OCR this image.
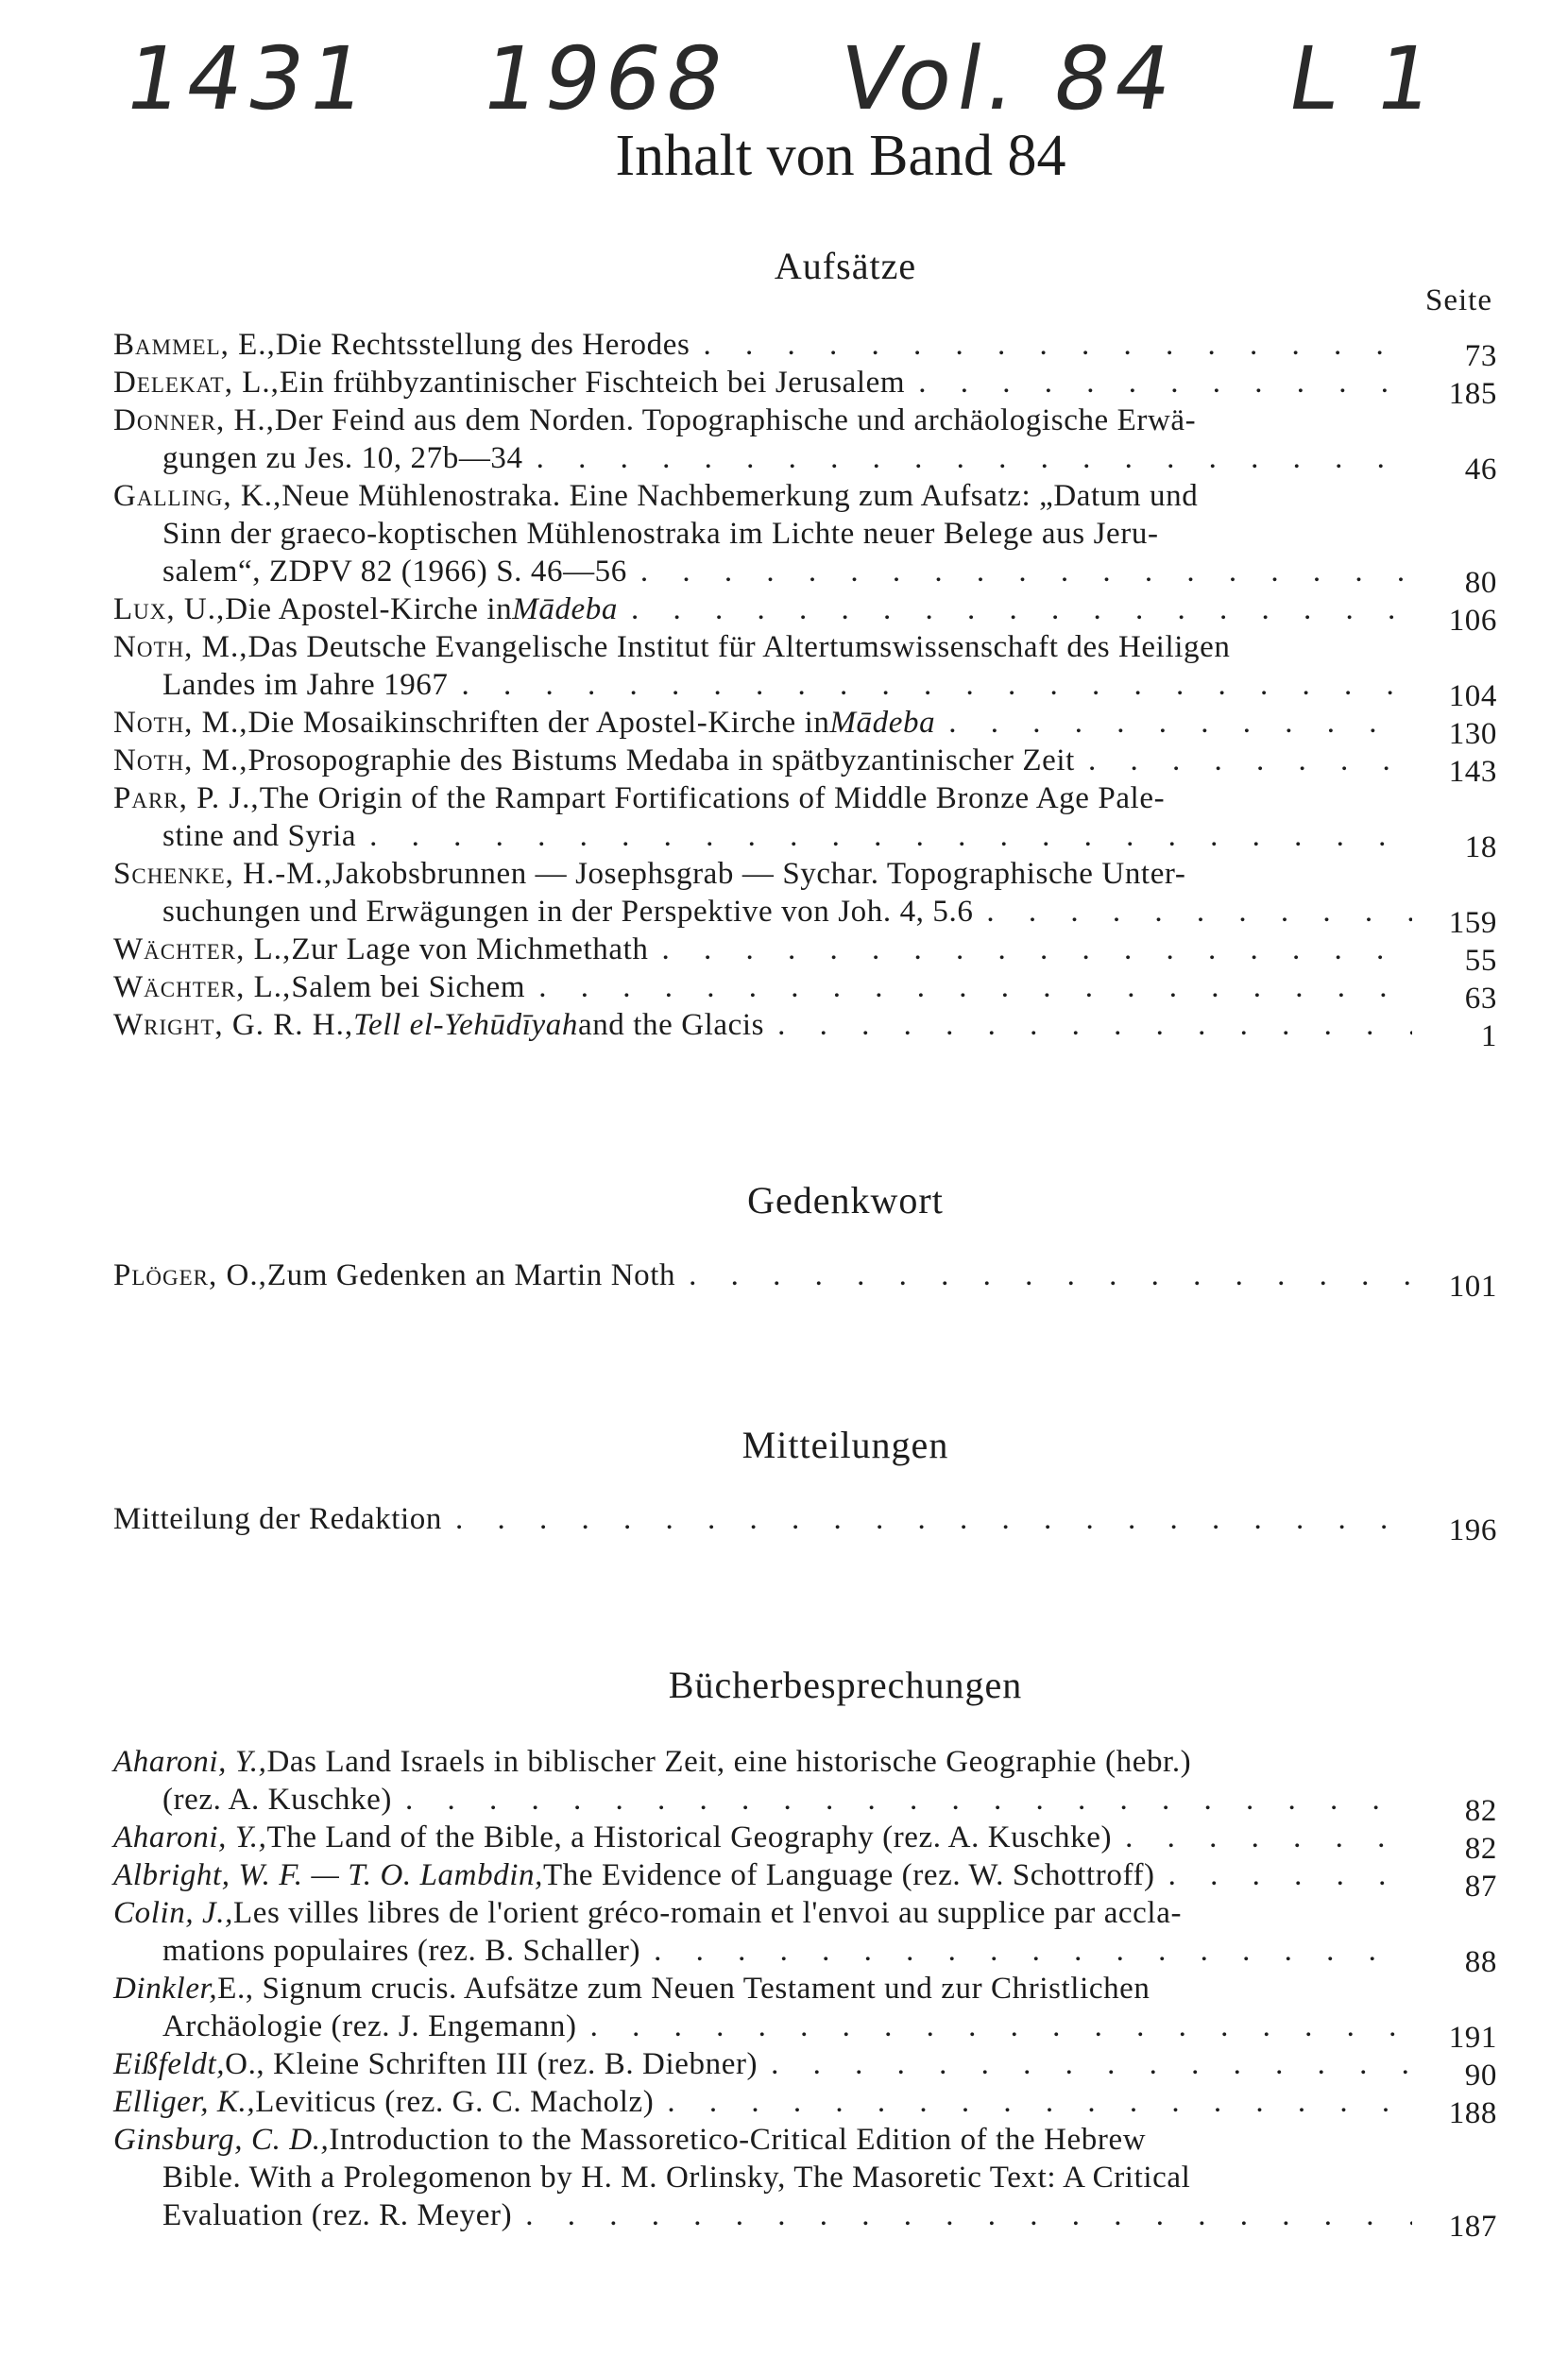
1431 1968 Vol. 84 L 1
Inhalt von Band 84
Aufsätze
Seite
Bammel, E., Die Rechtsstellung des Herodes . . .	73
Delekat, L., Ein frühbyzantinischer Fischteich bei Jerusalem . . .	185
Donner, H., Der Feind aus dem Norden. Topographische und archäologische Erwä-
gungen zu Jes. 10, 27b—34 . . .	46
Galling, K., Neue Mühlenostraka. Eine Nachbemerkung zum Aufsatz: „Datum und
Sinn der graeco-koptischen Mühlenostraka im Lichte neuer Belege aus Jeru-
salem“, ZDPV 82 (1966) S. 46—56 . . .	80
Lux, U., Die Apostel-Kirche in Mādeba . . .	106
Noth, M., Das Deutsche Evangelische Institut für Altertumswissenschaft des Heiligen
Landes im Jahre 1967 . . .	104
Noth, M., Die Mosaikinschriften der Apostel-Kirche in Mādeba . . .	130
Noth, M., Prosopographie des Bistums Medaba in spätbyzantinischer Zeit . . .	143
Parr, P. J., The Origin of the Rampart Fortifications of Middle Bronze Age Pale-
stine and Syria . . .	18
Schenke, H.-M., Jakobsbrunnen — Josephsgrab — Sychar. Topographische Unter-
suchungen und Erwägungen in der Perspektive von Joh. 4, 5.6 . . .	159
Wächter, L., Zur Lage von Michmethath . . .	55
Wächter, L., Salem bei Sichem . . .	63
Wright, G. R. H., Tell el-Yehūdīyah and the Glacis . . .	1
Gedenkwort
Plöger, O., Zum Gedenken an Martin Noth . . .	101
Mitteilungen
Mitteilung der Redaktion . . .	196
Bücherbesprechungen
Aharoni, Y., Das Land Israels in biblischer Zeit, eine historische Geographie (hebr.)
(rez. A. Kuschke) . . .	82
Aharoni, Y., The Land of the Bible, a Historical Geography (rez. A. Kuschke) . . .	82
Albright, W. F. — T. O. Lambdin, The Evidence of Language (rez. W. Schottroff) . . .	87
Colin, J., Les villes libres de l'orient gréco-romain et l'envoi au supplice par accla-
mations populaires (rez. B. Schaller) . . .	88
Dinkler, E., Signum crucis. Aufsätze zum Neuen Testament und zur Christlichen
Archäologie (rez. J. Engemann) . . .	191
Eißfeldt, O., Kleine Schriften III (rez. B. Diebner) . . .	90
Elliger, K., Leviticus (rez. G. C. Macholz) . . .	188
Ginsburg, C. D., Introduction to the Massoretico-Critical Edition of the Hebrew
Bible. With a Prolegomenon by H. M. Orlinsky, The Masoretic Text: A Critical
Evaluation (rez. R. Meyer) . . .	187
